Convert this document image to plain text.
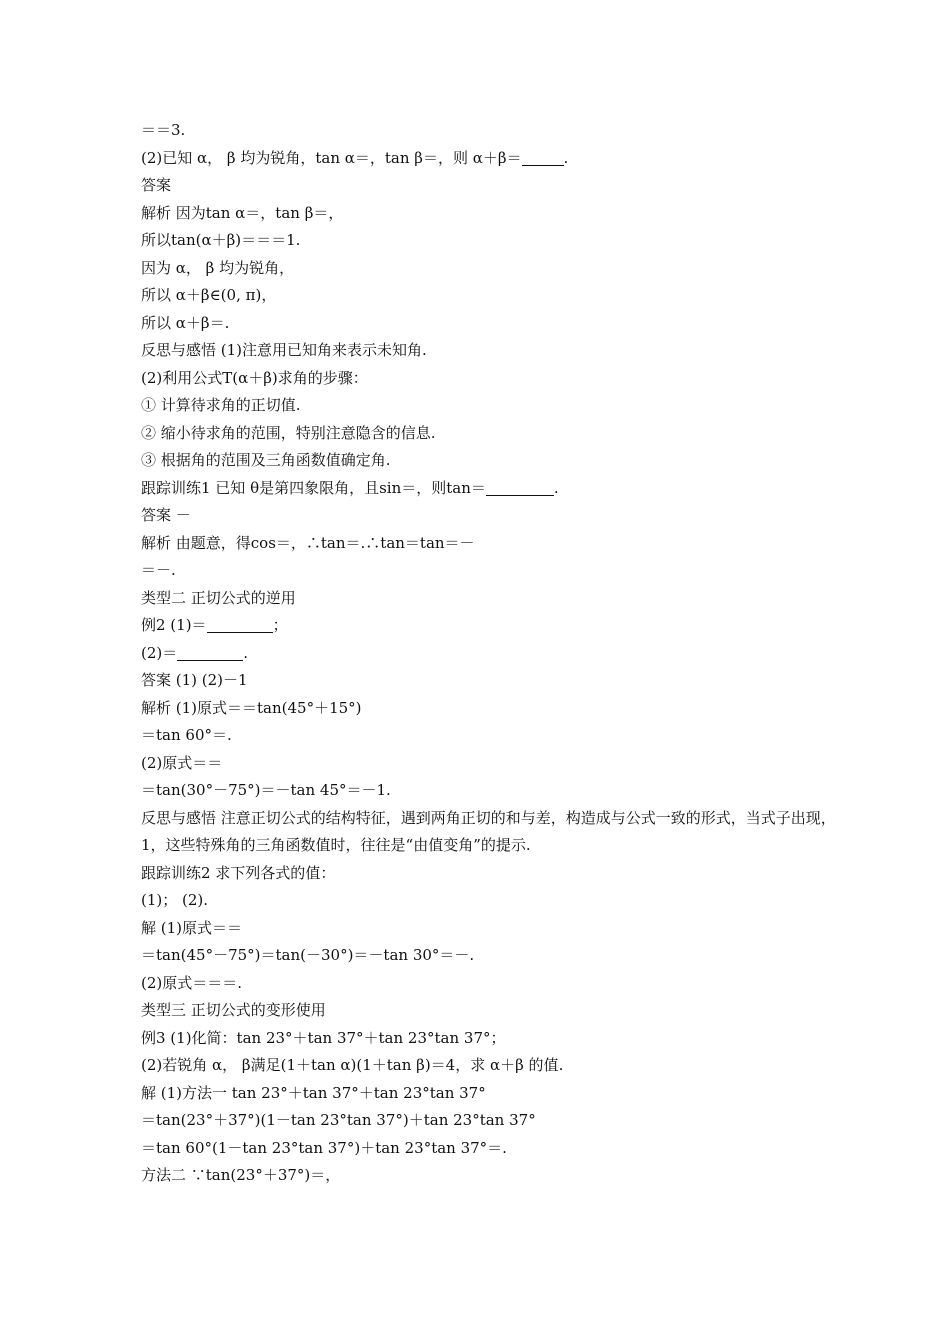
＝＝3.
(2)已知 α， β 均为锐角，tan α＝，tan β＝，则 α＋β＝	.
答案
解析 因为tan α＝，tan β＝，
所以tan(α＋β)＝＝＝1.
因为 α， β 均为锐角，
所以 α＋β∈(0, π)，
所以 α＋β＝.
反思与感悟 (1)注意用已知角来表示未知角.
(2)利用公式T(α＋β)求角的步骤：
① 计算待求角的正切值.
② 缩小待求角的范围，特别注意隐含的信息.
③ 根据角的范围及三角函数值确定角.
跟踪训练1 已知 θ是第四象限角，且sin＝，则tan＝	.
答案 －
解析 由题意，得cos＝，∴tan＝.∴tan＝tan＝－
＝－.
类型二 正切公式的逆用
例2 (1)＝	；
(2)＝	.
答案 (1) (2)－1
解析 (1)原式＝＝tan(45°＋15°)
＝tan 60°＝.
(2)原式＝＝
＝tan(30°－75°)＝－tan 45°＝－1.
反思与感悟 注意正切公式的结构特征，遇到两角正切的和与差，构造成与公式一致的形式，当式子出现，1，这些特殊角的三角函数值时，往往是“由值变角”的提示.
跟踪训练2 求下列各式的值：
(1)； (2).
解 (1)原式＝＝
＝tan(45°－75°)＝tan(－30°)＝－tan 30°＝－.
(2)原式＝＝＝.
类型三 正切公式的变形使用
例3 (1)化简：tan 23°＋tan 37°＋tan 23°tan 37°；
(2)若锐角 α， β满足(1＋tan α)(1＋tan β)＝4，求 α＋β 的值.
解 (1)方法一 tan 23°＋tan 37°＋tan 23°tan 37°
＝tan(23°＋37°)(1－tan 23°tan 37°)＋tan 23°tan 37°
＝tan 60°(1－tan 23°tan 37°)＋tan 23°tan 37°＝.
方法二 ∵tan(23°＋37°)＝，
